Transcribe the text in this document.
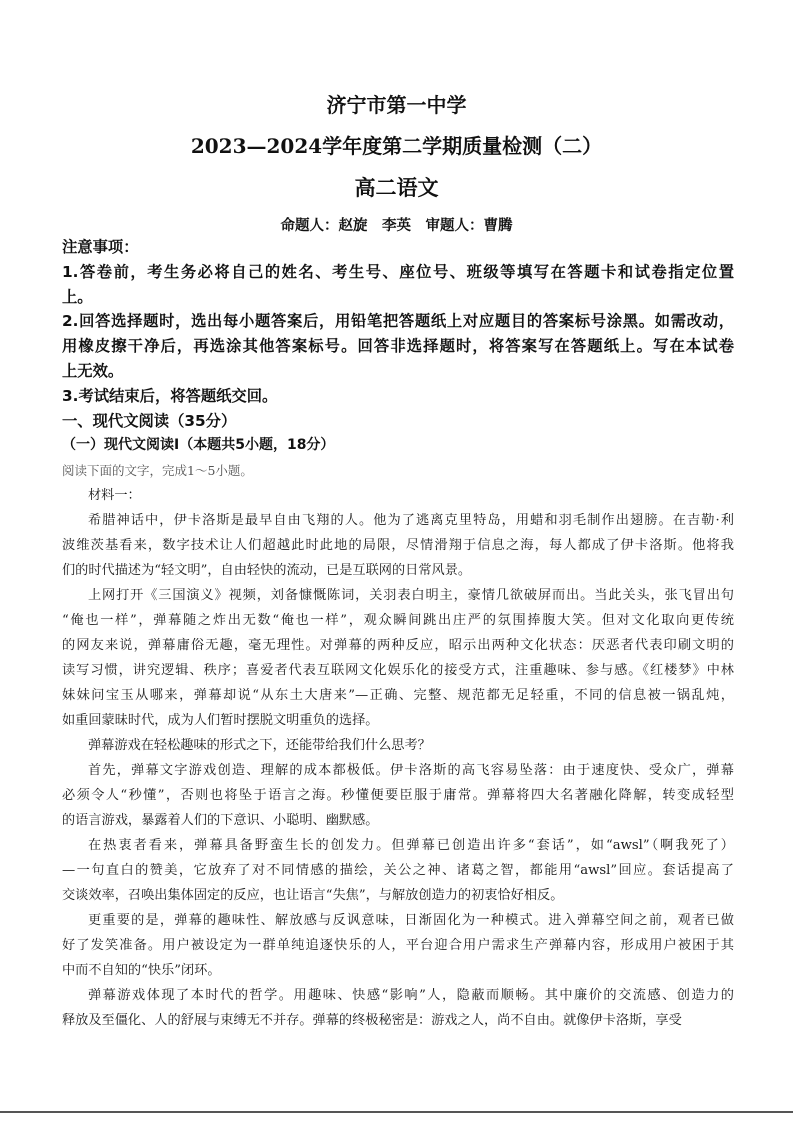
济宁市第一中学
2023—2024学年度第二学期质量检测（二）
高二语文
命题人：赵旋　李英　审题人：曹腾
注意事项：
1.答卷前，考生务必将自己的姓名、考生号、座位号、班级等填写在答题卡和试卷指定位置
上。
2.回答选择题时，选出每小题答案后，用铅笔把答题纸上对应题目的答案标号涂黑。如需改动，
用橡皮擦干净后，再选涂其他答案标号。回答非选择题时，将答案写在答题纸上。写在本试卷
上无效。
3.考试结束后，将答题纸交回。
一、现代文阅读（35分）
（一）现代文阅读Ⅰ（本题共5小题，18分）
阅读下面的文字，完成1～5小题。
材料一：
希腊神话中，伊卡洛斯是最早自由飞翔的人。他为了逃离克里特岛，用蜡和羽毛制作出翅膀。在吉勒·利
波维茨基看来，数字技术让人们超越此时此地的局限，尽情滑翔于信息之海，每人都成了伊卡洛斯。他将我
们的时代描述为“轻文明”，自由轻快的流动，已是互联网的日常风景。
上网打开《三国演义》视频，刘备慷慨陈词，关羽表白明主，豪情几欲破屏而出。当此关头，张飞冒出句
“俺也一样”，弹幕随之炸出无数“俺也一样”，观众瞬间跳出庄严的氛围捧腹大笑。但对文化取向更传统
的网友来说，弹幕庸俗无趣，毫无理性。对弹幕的两种反应，昭示出两种文化状态：厌恶者代表印刷文明的
读写习惯，讲究逻辑、秩序；喜爱者代表互联网文化娱乐化的接受方式，注重趣味、参与感。《红楼梦》中林
妹妹问宝玉从哪来，弹幕却说“从东土大唐来”—正确、完整、规范都无足轻重，不同的信息被一锅乱炖，
如重回蒙昧时代，成为人们暂时摆脱文明重负的选择。
弹幕游戏在轻松趣味的形式之下，还能带给我们什么思考？
首先，弹幕文字游戏创造、理解的成本都极低。伊卡洛斯的高飞容易坠落：由于速度快、受众广，弹幕
必须令人“秒懂”，否则也将坠于语言之海。秒懂便要臣服于庸常。弹幕将四大名著融化降解，转变成轻型
的语言游戏，暴露着人们的下意识、小聪明、幽默感。
在热衷者看来，弹幕具备野蛮生长的创发力。但弹幕已创造出许多“套话”，如“awsl”（啊我死了）
—一句直白的赞美，它放弃了对不同情感的描绘，关公之神、诸葛之智，都能用“awsl”回应。套话提高了
交谈效率，召唤出集体固定的反应，也让语言“失焦”，与解放创造力的初衷恰好相反。
更重要的是，弹幕的趣味性、解放感与反讽意味，日渐固化为一种模式。进入弹幕空间之前，观者已做
好了发笑准备。用户被设定为一群单纯追逐快乐的人，平台迎合用户需求生产弹幕内容，形成用户被困于其
中而不自知的“快乐”闭环。
弹幕游戏体现了本时代的哲学。用趣味、快感“影响”人，隐蔽而顺畅。其中廉价的交流感、创造力的
释放及至僵化、人的舒展与束缚无不并存。弹幕的终极秘密是：游戏之人，尚不自由。就像伊卡洛斯，享受
